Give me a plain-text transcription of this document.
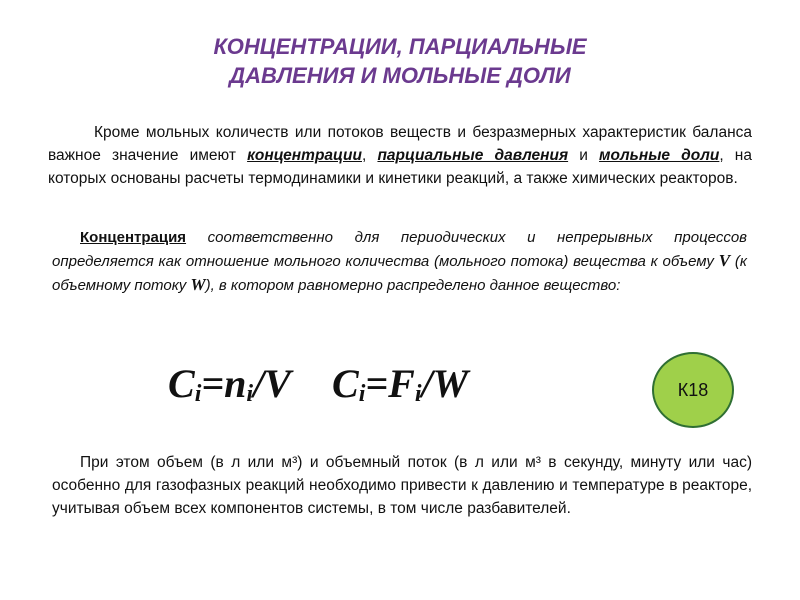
КОНЦЕНТРАЦИИ, ПАРЦИАЛЬНЫЕ
ДАВЛЕНИЯ И МОЛЬНЫЕ ДОЛИ
Кроме мольных количеств или потоков веществ и безразмерных характеристик баланса важное значение имеют концентрации, парциальные давления и мольные доли, на которых основаны расчеты термодинамики и кинетики реакций, а также химических реакторов.
Концентрация соответственно для периодических и непрерывных процессов определяется как отношение мольного количества (мольного потока) вещества к объему V (к объемному потоку W), в котором равномерно распределено данное вещество:
$C_i=n_i/V$ $C_i=F_i/W$	К18
При этом объем (в л или м³) и объемный поток (в л или м³ в секунду, минуту или час) особенно для газофазных реакций необходимо привести к давлению и температуре в реакторе, учитывая объем всех компонентов системы, в том числе разбавителей.
